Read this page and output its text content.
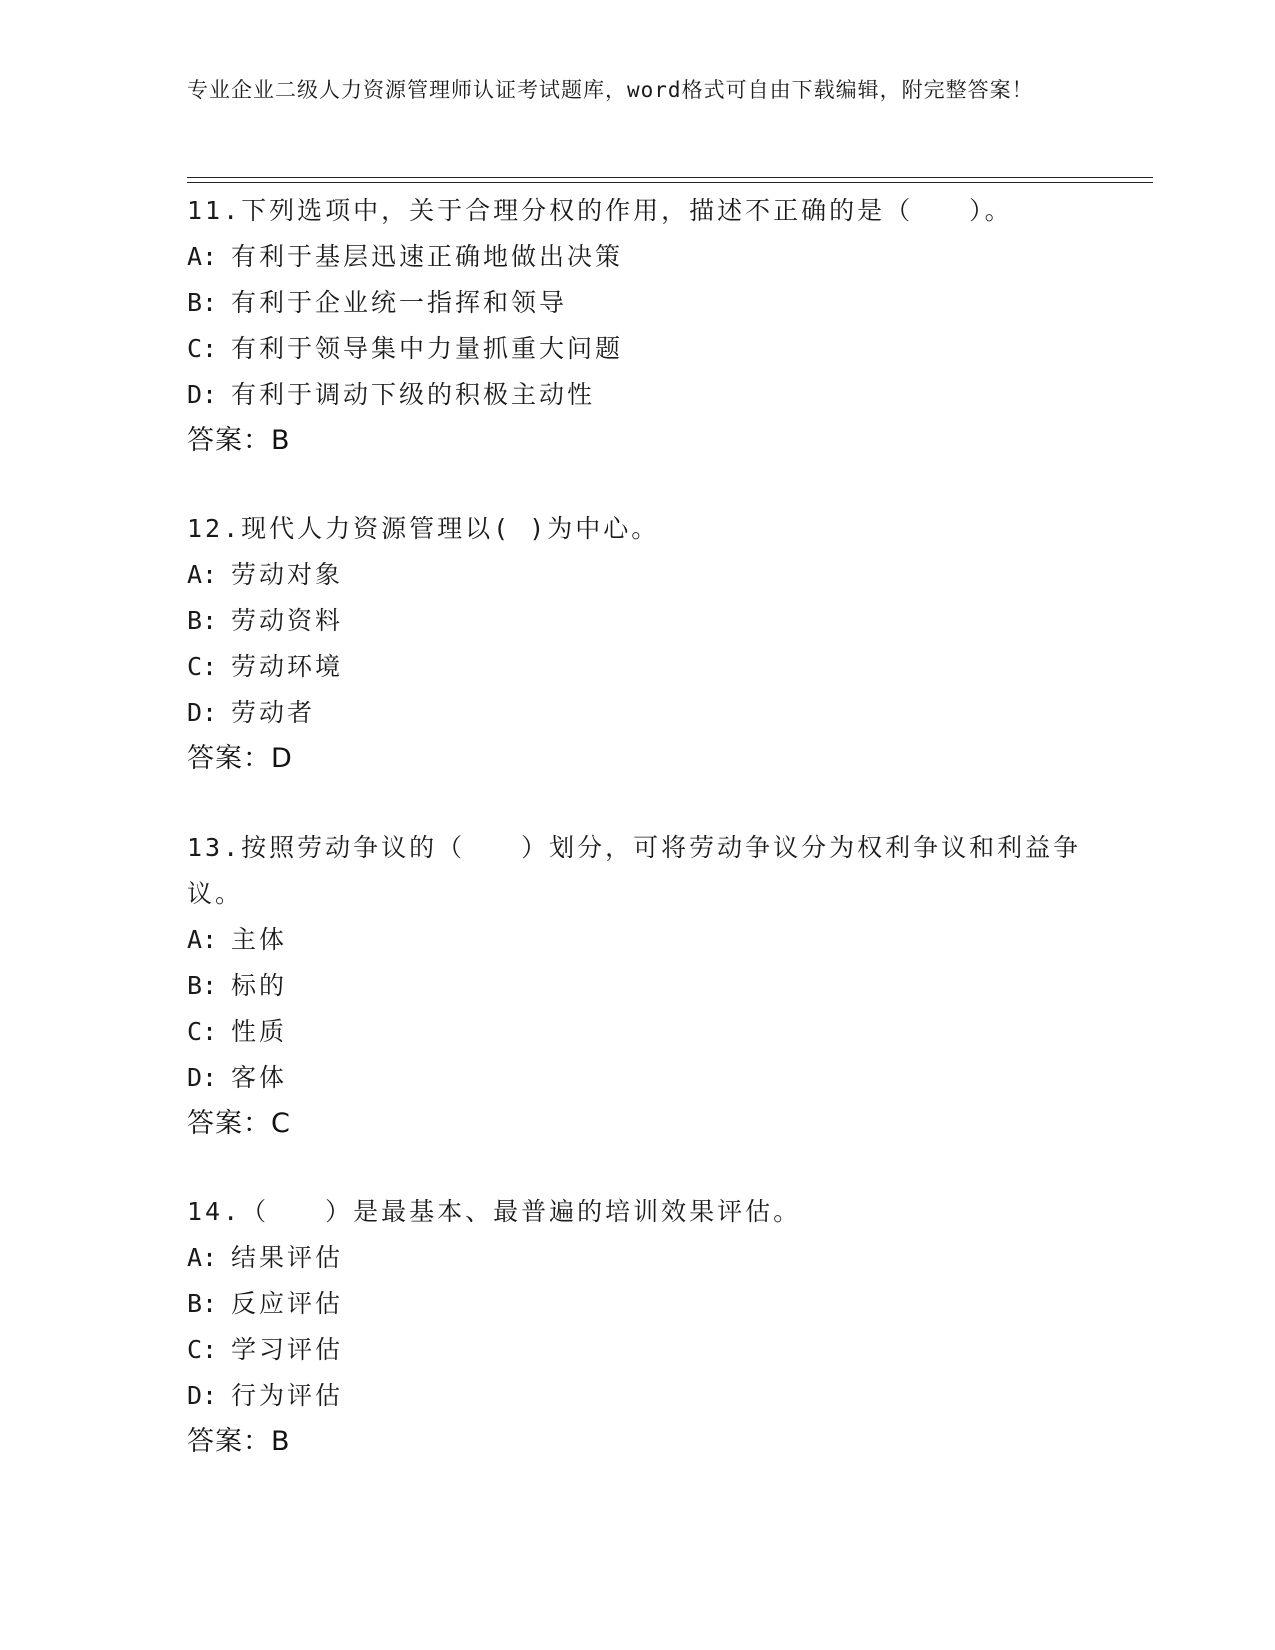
专业企业二级人力资源管理师认证考试题库，word格式可自由下载编辑，附完整答案！
11.下列选项中，关于合理分权的作用，描述不正确的是（　　）。
A: 有利于基层迅速正确地做出决策
B: 有利于企业统一指挥和领导
C: 有利于领导集中力量抓重大问题
D: 有利于调动下级的积极主动性
答案：B
12.现代人力资源管理以( )为中心。
A: 劳动对象
B: 劳动资料
C: 劳动环境
D: 劳动者
答案：D
13.按照劳动争议的（　　）划分，可将劳动争议分为权利争议和利益争议。
A: 主体
B: 标的
C: 性质
D: 客体
答案：C
14.（　　）是最基本、最普遍的培训效果评估。
A: 结果评估
B: 反应评估
C: 学习评估
D: 行为评估
答案：B
